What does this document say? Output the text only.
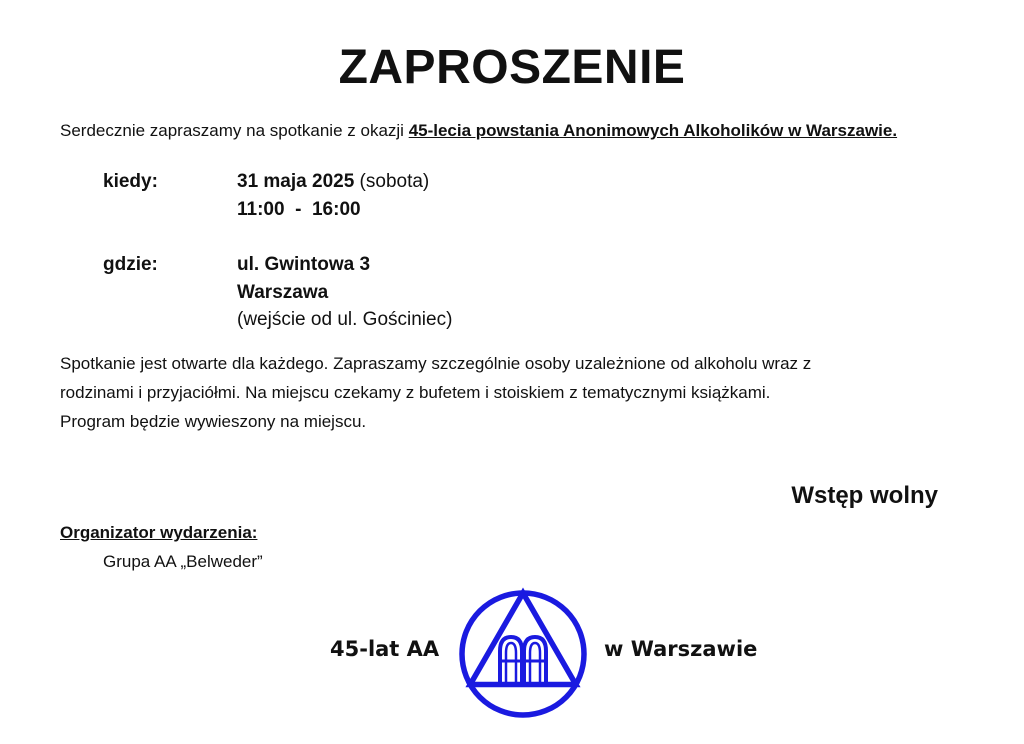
ZAPROSZENIE
Serdecznie zapraszamy na spotkanie z okazji 45-lecia powstania Anonimowych Alkoholików w Warszawie.
kiedy:	31 maja 2025 (sobota)
11:00  -  16:00
gdzie:	ul. Gwintowa 3
Warszawa
(wejście od ul. Gościniec)
Spotkanie jest otwarte dla każdego. Zapraszamy szczególnie osoby uzależnione od alkoholu wraz z
rodzinami i przyjaciółmi. Na miejscu czekamy z bufetem i stoiskiem z tematycznymi książkami.
Program będzie wywieszony na miejscu.
Wstęp wolny
Organizator wydarzenia:
Grupa AA „Belweder”
45-lat AA	w Warszawie
